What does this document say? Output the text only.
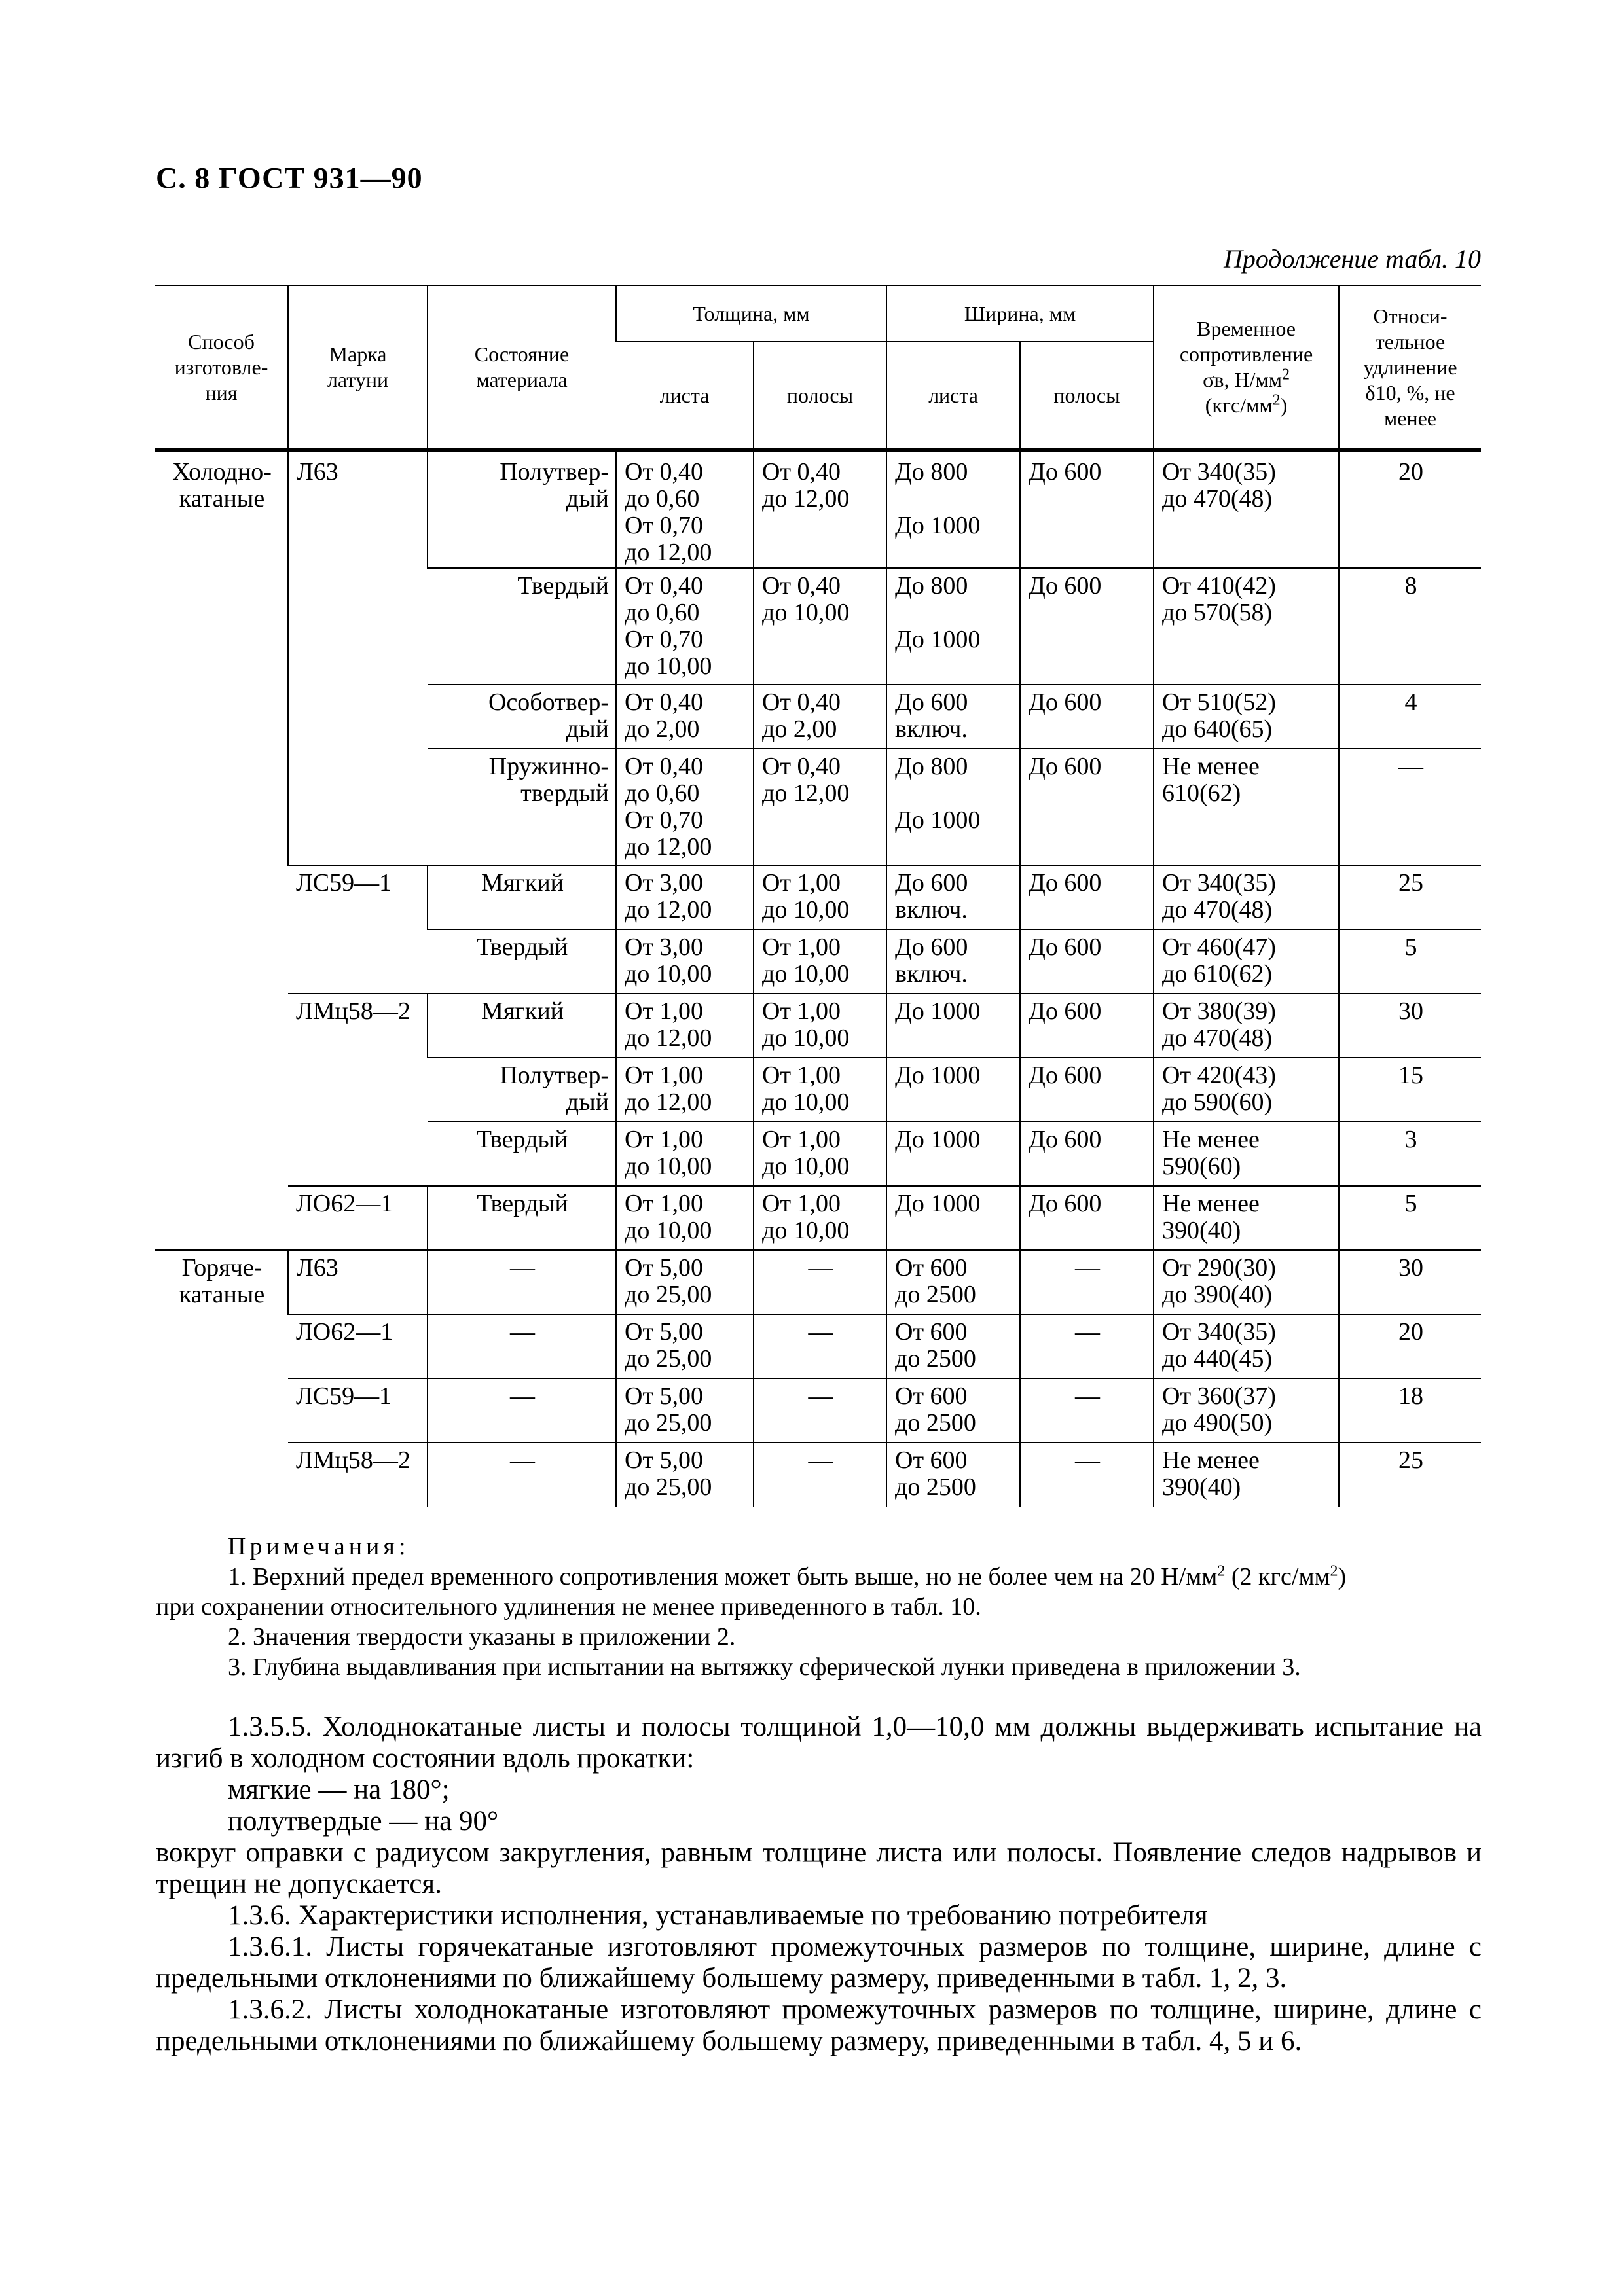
С. 8 ГОСТ 931—90
Продолжение табл. 10
Способ
изготовле-
ния	Марка
латуни	Состояние
материала	Толщина, мм		Ширина, мм		Временное
сопротивление
σв, $Н/мм^2$
$(кгс/мм^2)$	Относи-
тельное
удлинение
δ10, %, не
менее
			листа	полосы	листа	полосы		
Холодно-
катаные	Л63	Полутвер-
дый	От 0,40
до 0,60
От 0,70
до 12,00	От 0,40
до 12,00	До 800

До 1000	До 600	От 340(35)
до 470(48)	20
		Твердый	От 0,40
до 0,60
От 0,70
до 10,00	От 0,40
до 10,00	До 800

До 1000	До 600	От 410(42)
до 570(58)	8
		Особотвер-
дый	От 0,40
до 2,00	От 0,40
до 2,00	До 600
включ.	До 600	От 510(52)
до 640(65)	4
		Пружинно-
твердый	От 0,40
до 0,60
От 0,70
до 12,00	От 0,40
до 12,00	До 800

До 1000	До 600	Не менее
610(62)	—
	ЛС59—1	Мягкий	От 3,00
до 12,00	От 1,00
до 10,00	До 600
включ.	До 600	От 340(35)
до 470(48)	25
		Твердый	От 3,00
до 10,00	От 1,00
до 10,00	До 600
включ.	До 600	От 460(47)
до 610(62)	5
	ЛМц58—2	Мягкий	От 1,00
до 12,00	От 1,00
до 10,00	До 1000	До 600	От 380(39)
до 470(48)	30
		Полутвер-
дый	От 1,00
до 12,00	От 1,00
до 10,00	До 1000	До 600	От 420(43)
до 590(60)	15
		Твердый	От 1,00
до 10,00	От 1,00
до 10,00	До 1000	До 600	Не менее
590(60)	3
	ЛО62—1	Твердый	От 1,00
до 10,00	От 1,00
до 10,00	До 1000	До 600	Не менее
390(40)	5
Горяче-
катаные	Л63	—	От 5,00
до 25,00	—	От 600
до 2500	—	От 290(30)
до 390(40)	30
	ЛО62—1	—	От 5,00
до 25,00	—	От 600
до 2500	—	От 340(35)
до 440(45)	20
	ЛС59—1	—	От 5,00
до 25,00	—	От 600
до 2500	—	От 360(37)
до 490(50)	18
	ЛМц58—2	—	От 5,00
до 25,00	—	От 600
до 2500	—	Не менее
390(40)	25
Примечания:
1. Верхний предел временного сопротивления может быть выше, но не более чем на 20 $Н/мм^2$ (2 кгс/$мм^2$)
при сохранении относительного удлинения не менее приведенного в табл. 10.
2. Значения твердости указаны в приложении 2.
3. Глубина выдавливания при испытании на вытяжку сферической лунки приведена в приложении 3.

1.3.5.5. Холоднокатаные листы и полосы толщиной 1,0—10,0 мм должны выдерживать испытание на изгиб в холодном состоянии вдоль прокатки:

мягкие — на 180°;

полутвердые — на 90°

вокруг оправки с радиусом закругления, равным толщине листа или полосы. Появление следов надрывов и трещин не допускается.

1.3.6. Характеристики исполнения, устанавливаемые по требованию потребителя

1.3.6.1. Листы горячекатаные изготовляют промежуточных размеров по толщине, ширине, длине с предельными отклонениями по ближайшему большему размеру, приведенными в табл. 1, 2, 3.

1.3.6.2. Листы холоднокатаные изготовляют промежуточных размеров по толщине, ширине, длине с предельными отклонениями по ближайшему большему размеру, приведенными в табл. 4, 5 и 6.
